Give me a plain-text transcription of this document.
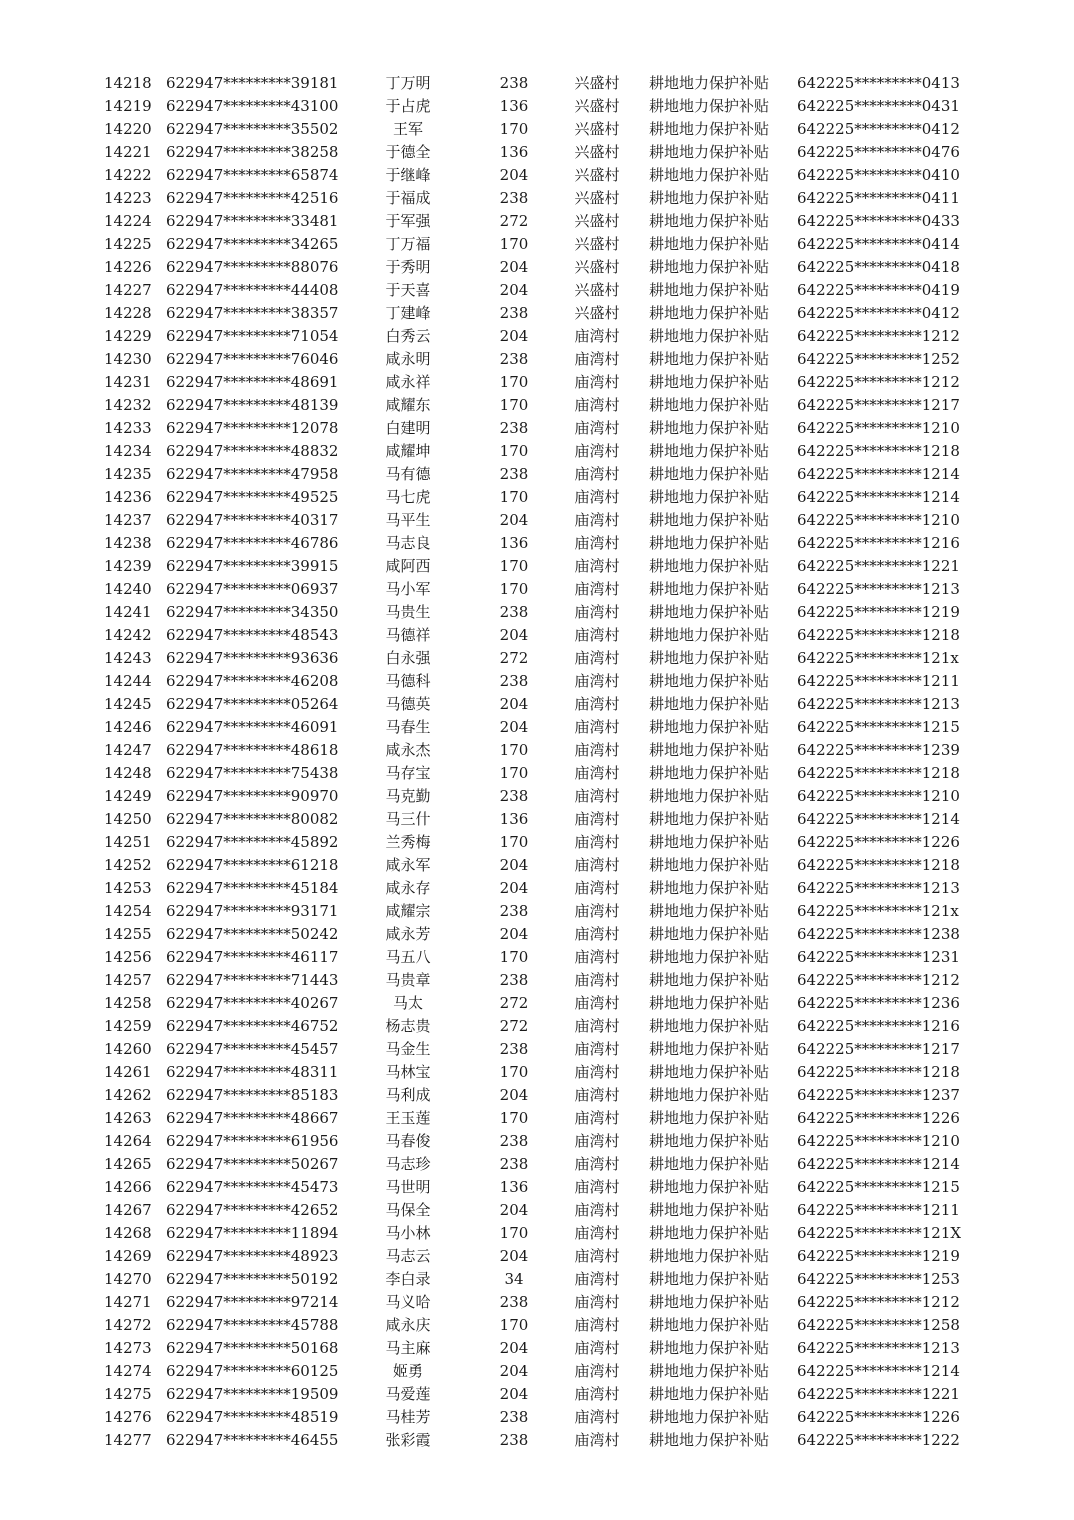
14218 622947*********39181	丁万明	238	兴盛村	耕地地力保护补贴	642225*********0413
14219 622947*********43100	于占虎	136	兴盛村	耕地地力保护补贴	642225*********0431
14220 622947*********35502	王军	170	兴盛村	耕地地力保护补贴	642225*********0412
14221 622947*********38258	于德全	136	兴盛村	耕地地力保护补贴	642225*********0476
14222 622947*********65874	于继峰	204	兴盛村	耕地地力保护补贴	642225*********0410
14223 622947*********42516	于福成	238	兴盛村	耕地地力保护补贴	642225*********0411
14224 622947*********33481	于军强	272	兴盛村	耕地地力保护补贴	642225*********0433
14225 622947*********34265	丁万福	170	兴盛村	耕地地力保护补贴	642225*********0414
14226 622947*********88076	于秀明	204	兴盛村	耕地地力保护补贴	642225*********0418
14227 622947*********44408	于天喜	204	兴盛村	耕地地力保护补贴	642225*********0419
14228 622947*********38357	丁建峰	238	兴盛村	耕地地力保护补贴	642225*********0412
14229 622947*********71054	白秀云	204	庙湾村	耕地地力保护补贴	642225*********1212
14230 622947*********76046	咸永明	238	庙湾村	耕地地力保护补贴	642225*********1252
14231 622947*********48691	咸永祥	170	庙湾村	耕地地力保护补贴	642225*********1212
14232 622947*********48139	咸耀东	170	庙湾村	耕地地力保护补贴	642225*********1217
14233 622947*********12078	白建明	238	庙湾村	耕地地力保护补贴	642225*********1210
14234 622947*********48832	咸耀坤	170	庙湾村	耕地地力保护补贴	642225*********1218
14235 622947*********47958	马有德	238	庙湾村	耕地地力保护补贴	642225*********1214
14236 622947*********49525	马七虎	170	庙湾村	耕地地力保护补贴	642225*********1214
14237 622947*********40317	马平生	204	庙湾村	耕地地力保护补贴	642225*********1210
14238 622947*********46786	马志良	136	庙湾村	耕地地力保护补贴	642225*********1216
14239 622947*********39915	咸阿西	170	庙湾村	耕地地力保护补贴	642225*********1221
14240 622947*********06937	马小军	170	庙湾村	耕地地力保护补贴	642225*********1213
14241 622947*********34350	马贵生	238	庙湾村	耕地地力保护补贴	642225*********1219
14242 622947*********48543	马德祥	204	庙湾村	耕地地力保护补贴	642225*********1218
14243 622947*********93636	白永强	272	庙湾村	耕地地力保护补贴	642225*********121x
14244 622947*********46208	马德科	238	庙湾村	耕地地力保护补贴	642225*********1211
14245 622947*********05264	马德英	204	庙湾村	耕地地力保护补贴	642225*********1213
14246 622947*********46091	马春生	204	庙湾村	耕地地力保护补贴	642225*********1215
14247 622947*********48618	咸永杰	170	庙湾村	耕地地力保护补贴	642225*********1239
14248 622947*********75438	马存宝	170	庙湾村	耕地地力保护补贴	642225*********1218
14249 622947*********90970	马克勤	238	庙湾村	耕地地力保护补贴	642225*********1210
14250 622947*********80082	马三什	136	庙湾村	耕地地力保护补贴	642225*********1214
14251 622947*********45892	兰秀梅	170	庙湾村	耕地地力保护补贴	642225*********1226
14252 622947*********61218	咸永军	204	庙湾村	耕地地力保护补贴	642225*********1218
14253 622947*********45184	咸永存	204	庙湾村	耕地地力保护补贴	642225*********1213
14254 622947*********93171	咸耀宗	238	庙湾村	耕地地力保护补贴	642225*********121x
14255 622947*********50242	咸永芳	204	庙湾村	耕地地力保护补贴	642225*********1238
14256 622947*********46117	马五八	170	庙湾村	耕地地力保护补贴	642225*********1231
14257 622947*********71443	马贵章	238	庙湾村	耕地地力保护补贴	642225*********1212
14258 622947*********40267	马太	272	庙湾村	耕地地力保护补贴	642225*********1236
14259 622947*********46752	杨志贵	272	庙湾村	耕地地力保护补贴	642225*********1216
14260 622947*********45457	马金生	238	庙湾村	耕地地力保护补贴	642225*********1217
14261 622947*********48311	马林宝	170	庙湾村	耕地地力保护补贴	642225*********1218
14262 622947*********85183	马利成	204	庙湾村	耕地地力保护补贴	642225*********1237
14263 622947*********48667	王玉莲	170	庙湾村	耕地地力保护补贴	642225*********1226
14264 622947*********61956	马春俊	238	庙湾村	耕地地力保护补贴	642225*********1210
14265 622947*********50267	马志珍	238	庙湾村	耕地地力保护补贴	642225*********1214
14266 622947*********45473	马世明	136	庙湾村	耕地地力保护补贴	642225*********1215
14267 622947*********42652	马保全	204	庙湾村	耕地地力保护补贴	642225*********1211
14268 622947*********11894	马小林	170	庙湾村	耕地地力保护补贴	642225*********121X
14269 622947*********48923	马志云	204	庙湾村	耕地地力保护补贴	642225*********1219
14270 622947*********50192	李白录	34	庙湾村	耕地地力保护补贴	642225*********1253
14271 622947*********97214	马义哈	238	庙湾村	耕地地力保护补贴	642225*********1212
14272 622947*********45788	咸永庆	170	庙湾村	耕地地力保护补贴	642225*********1258
14273 622947*********50168	马主麻	204	庙湾村	耕地地力保护补贴	642225*********1213
14274 622947*********60125	姬勇	204	庙湾村	耕地地力保护补贴	642225*********1214
14275 622947*********19509	马爱莲	204	庙湾村	耕地地力保护补贴	642225*********1221
14276 622947*********48519	马桂芳	238	庙湾村	耕地地力保护补贴	642225*********1226
14277 622947*********46455	张彩霞	238	庙湾村	耕地地力保护补贴	642225*********1222
